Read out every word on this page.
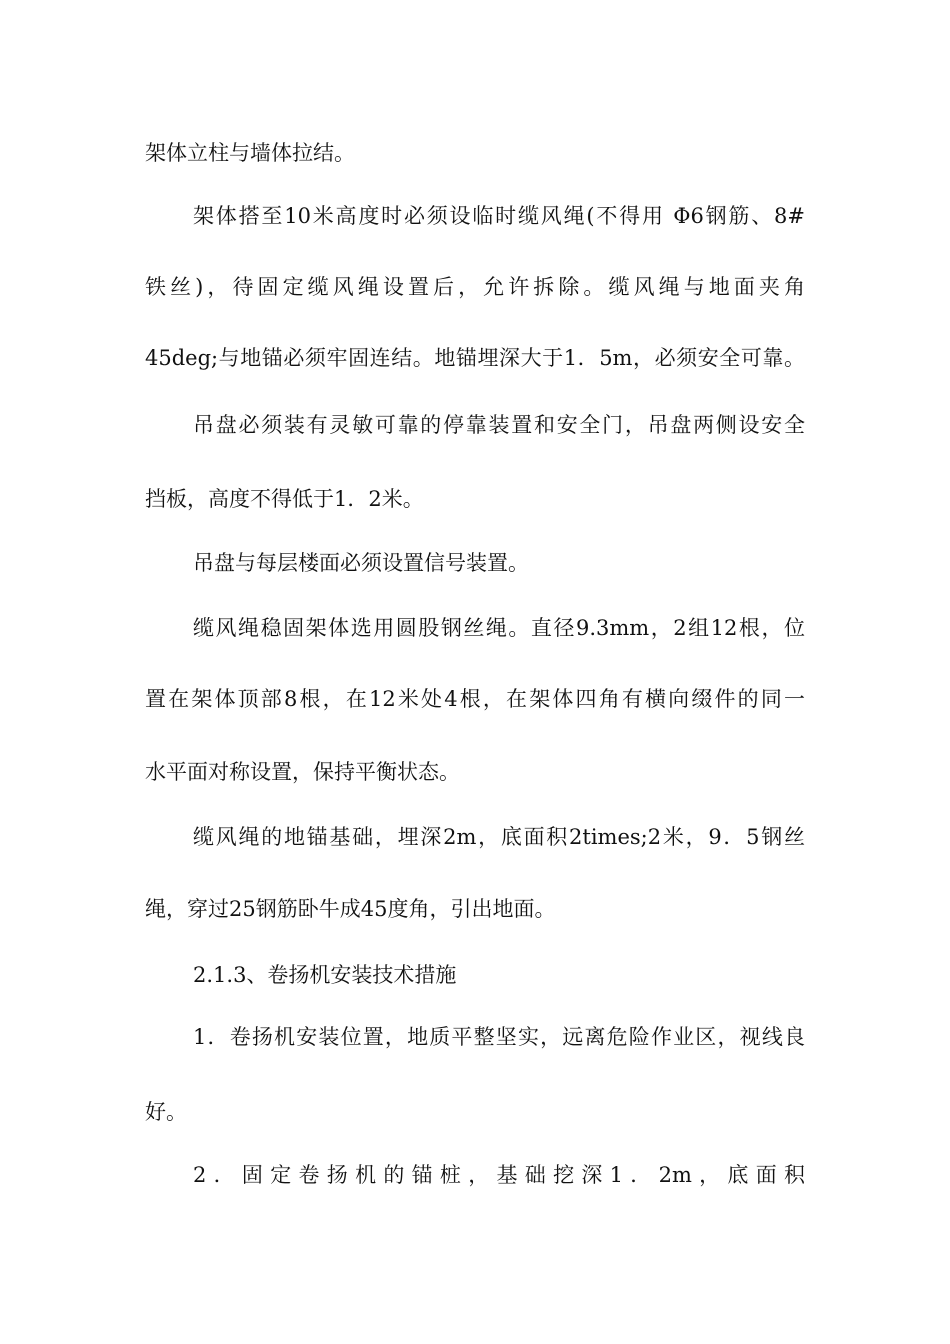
架体立柱与墙体拉结。
架体搭至10米高度时必须设临时缆风绳(不得用 Φ6钢筋、8#
铁丝)，待固定缆风绳设置后，允许拆除。缆风绳与地面夹角
45deg;与地锚必须牢固连结。地锚埋深大于1．5m，必须安全可靠。
吊盘必须装有灵敏可靠的停靠装置和安全门，吊盘两侧设安全
挡板，高度不得低于1．2米。
吊盘与每层楼面必须设置信号装置。
缆风绳稳固架体选用圆股钢丝绳。直径9.3mm，2组12根，位
置在架体顶部8根，在12米处4根，在架体四角有横向缀件的同一
水平面对称设置，保持平衡状态。
缆风绳的地锚基础，埋深2m，底面积2times;2米，9．5钢丝
绳，穿过25钢筋卧牛成45度角，引出地面。
2.1.3、卷扬机安装技术措施
1．卷扬机安装位置，地质平整坚实，远离危险作业区，视线良
好。
2．固定卷扬机的锚桩，基础挖深1．2m，底面积
